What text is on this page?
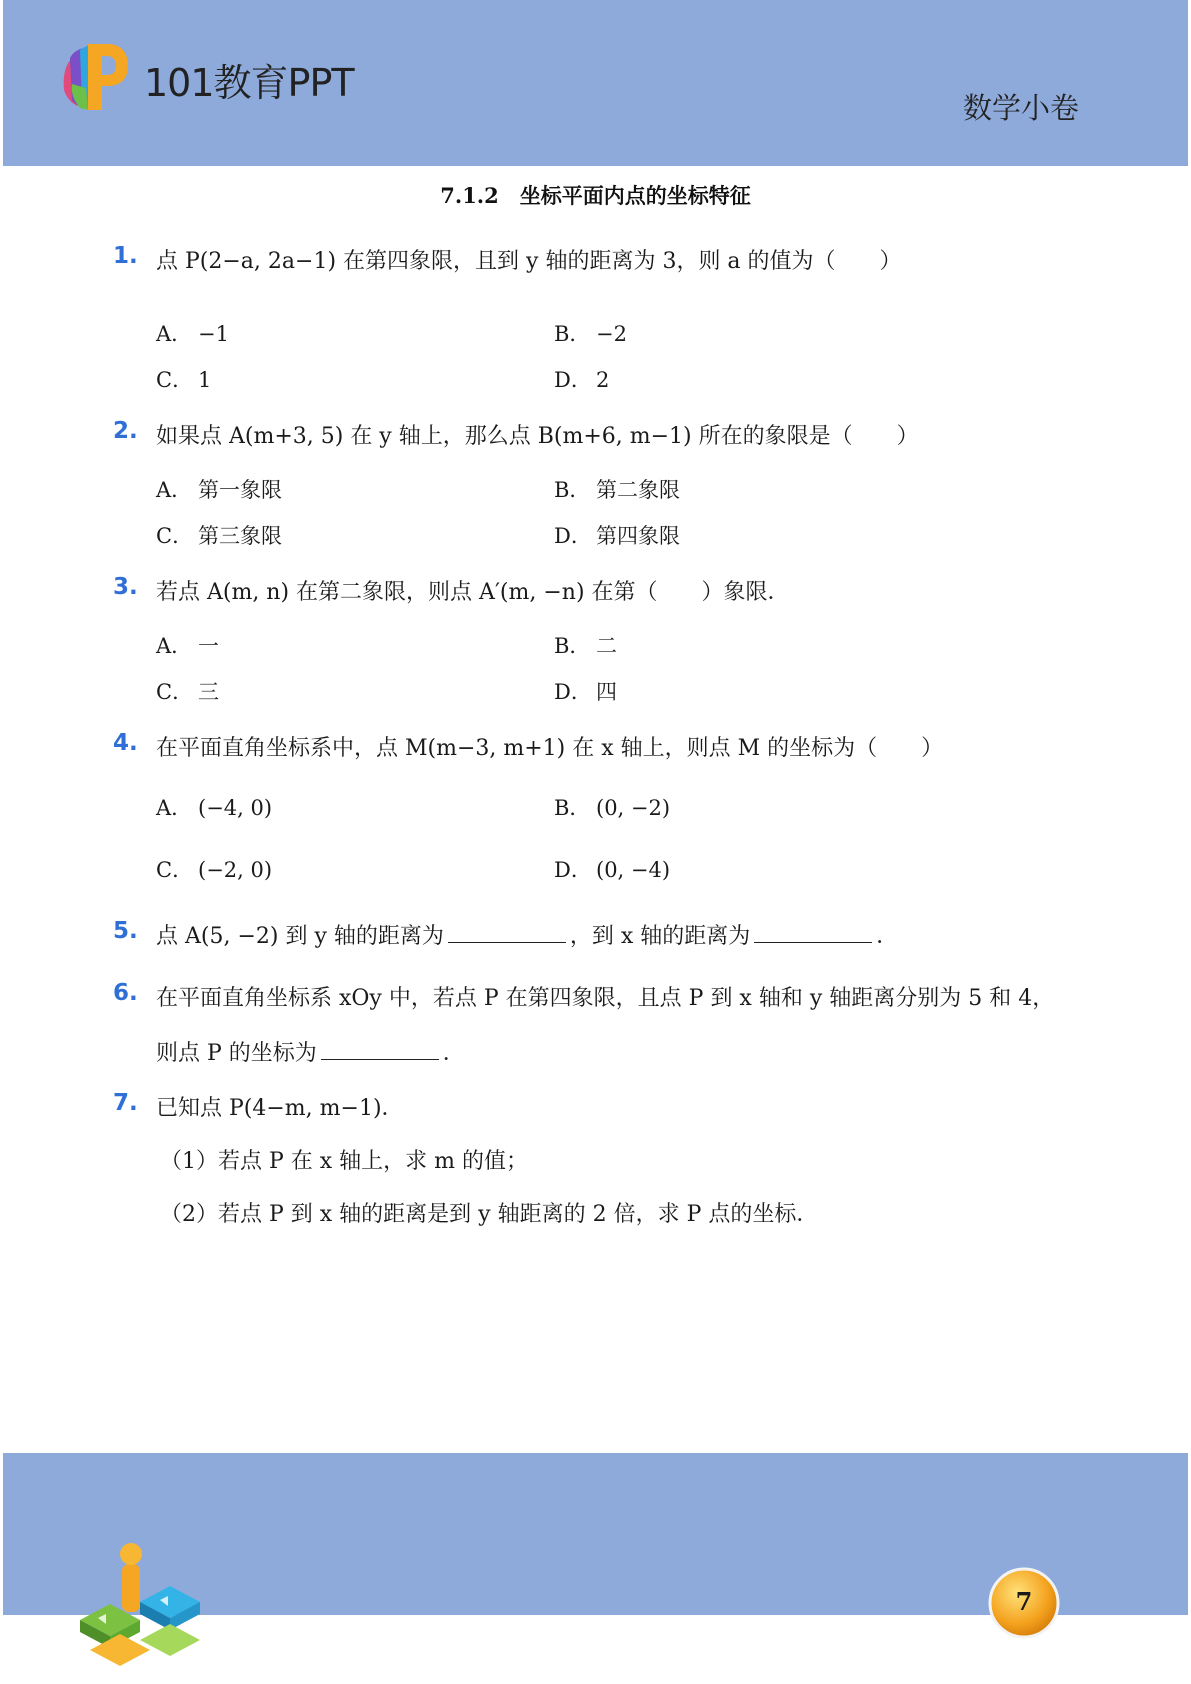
101教育PPT
数学小卷
7.1.2　坐标平面内点的坐标特征
1. 点 P(2−a, 2a−1) 在第四象限，且到 y 轴的距离为 3，则 a 的值为（　　）
A． −1	B． −2
C． 1	D． 2
2. 如果点 A(m+3, 5) 在 y 轴上，那么点 B(m+6, m−1) 所在的象限是（　　）
A． 第一象限	B． 第二象限
C． 第三象限	D． 第四象限
3. 若点 A(m, n) 在第二象限，则点 A′(m, −n) 在第（　　）象限．
A． 一	B． 二
C． 三	D． 四
4. 在平面直角坐标系中，点 M(m−3, m+1) 在 x 轴上，则点 M 的坐标为（　　）
A． (−4, 0)	B． (0, −2)
C． (−2, 0)	D． (0, −4)
5. 点 A(5, −2) 到 y 轴的距离为	，到 x 轴的距离为	．
6. 在平面直角坐标系 xOy 中，若点 P 在第四象限，且点 P 到 x 轴和 y 轴距离分别为 5 和 4，
则点 P 的坐标为	．
7. 已知点 P(4−m, m−1)．
（1）若点 P 在 x 轴上，求 m 的值；
（2）若点 P 到 x 轴的距离是到 y 轴距离的 2 倍，求 P 点的坐标．
7
